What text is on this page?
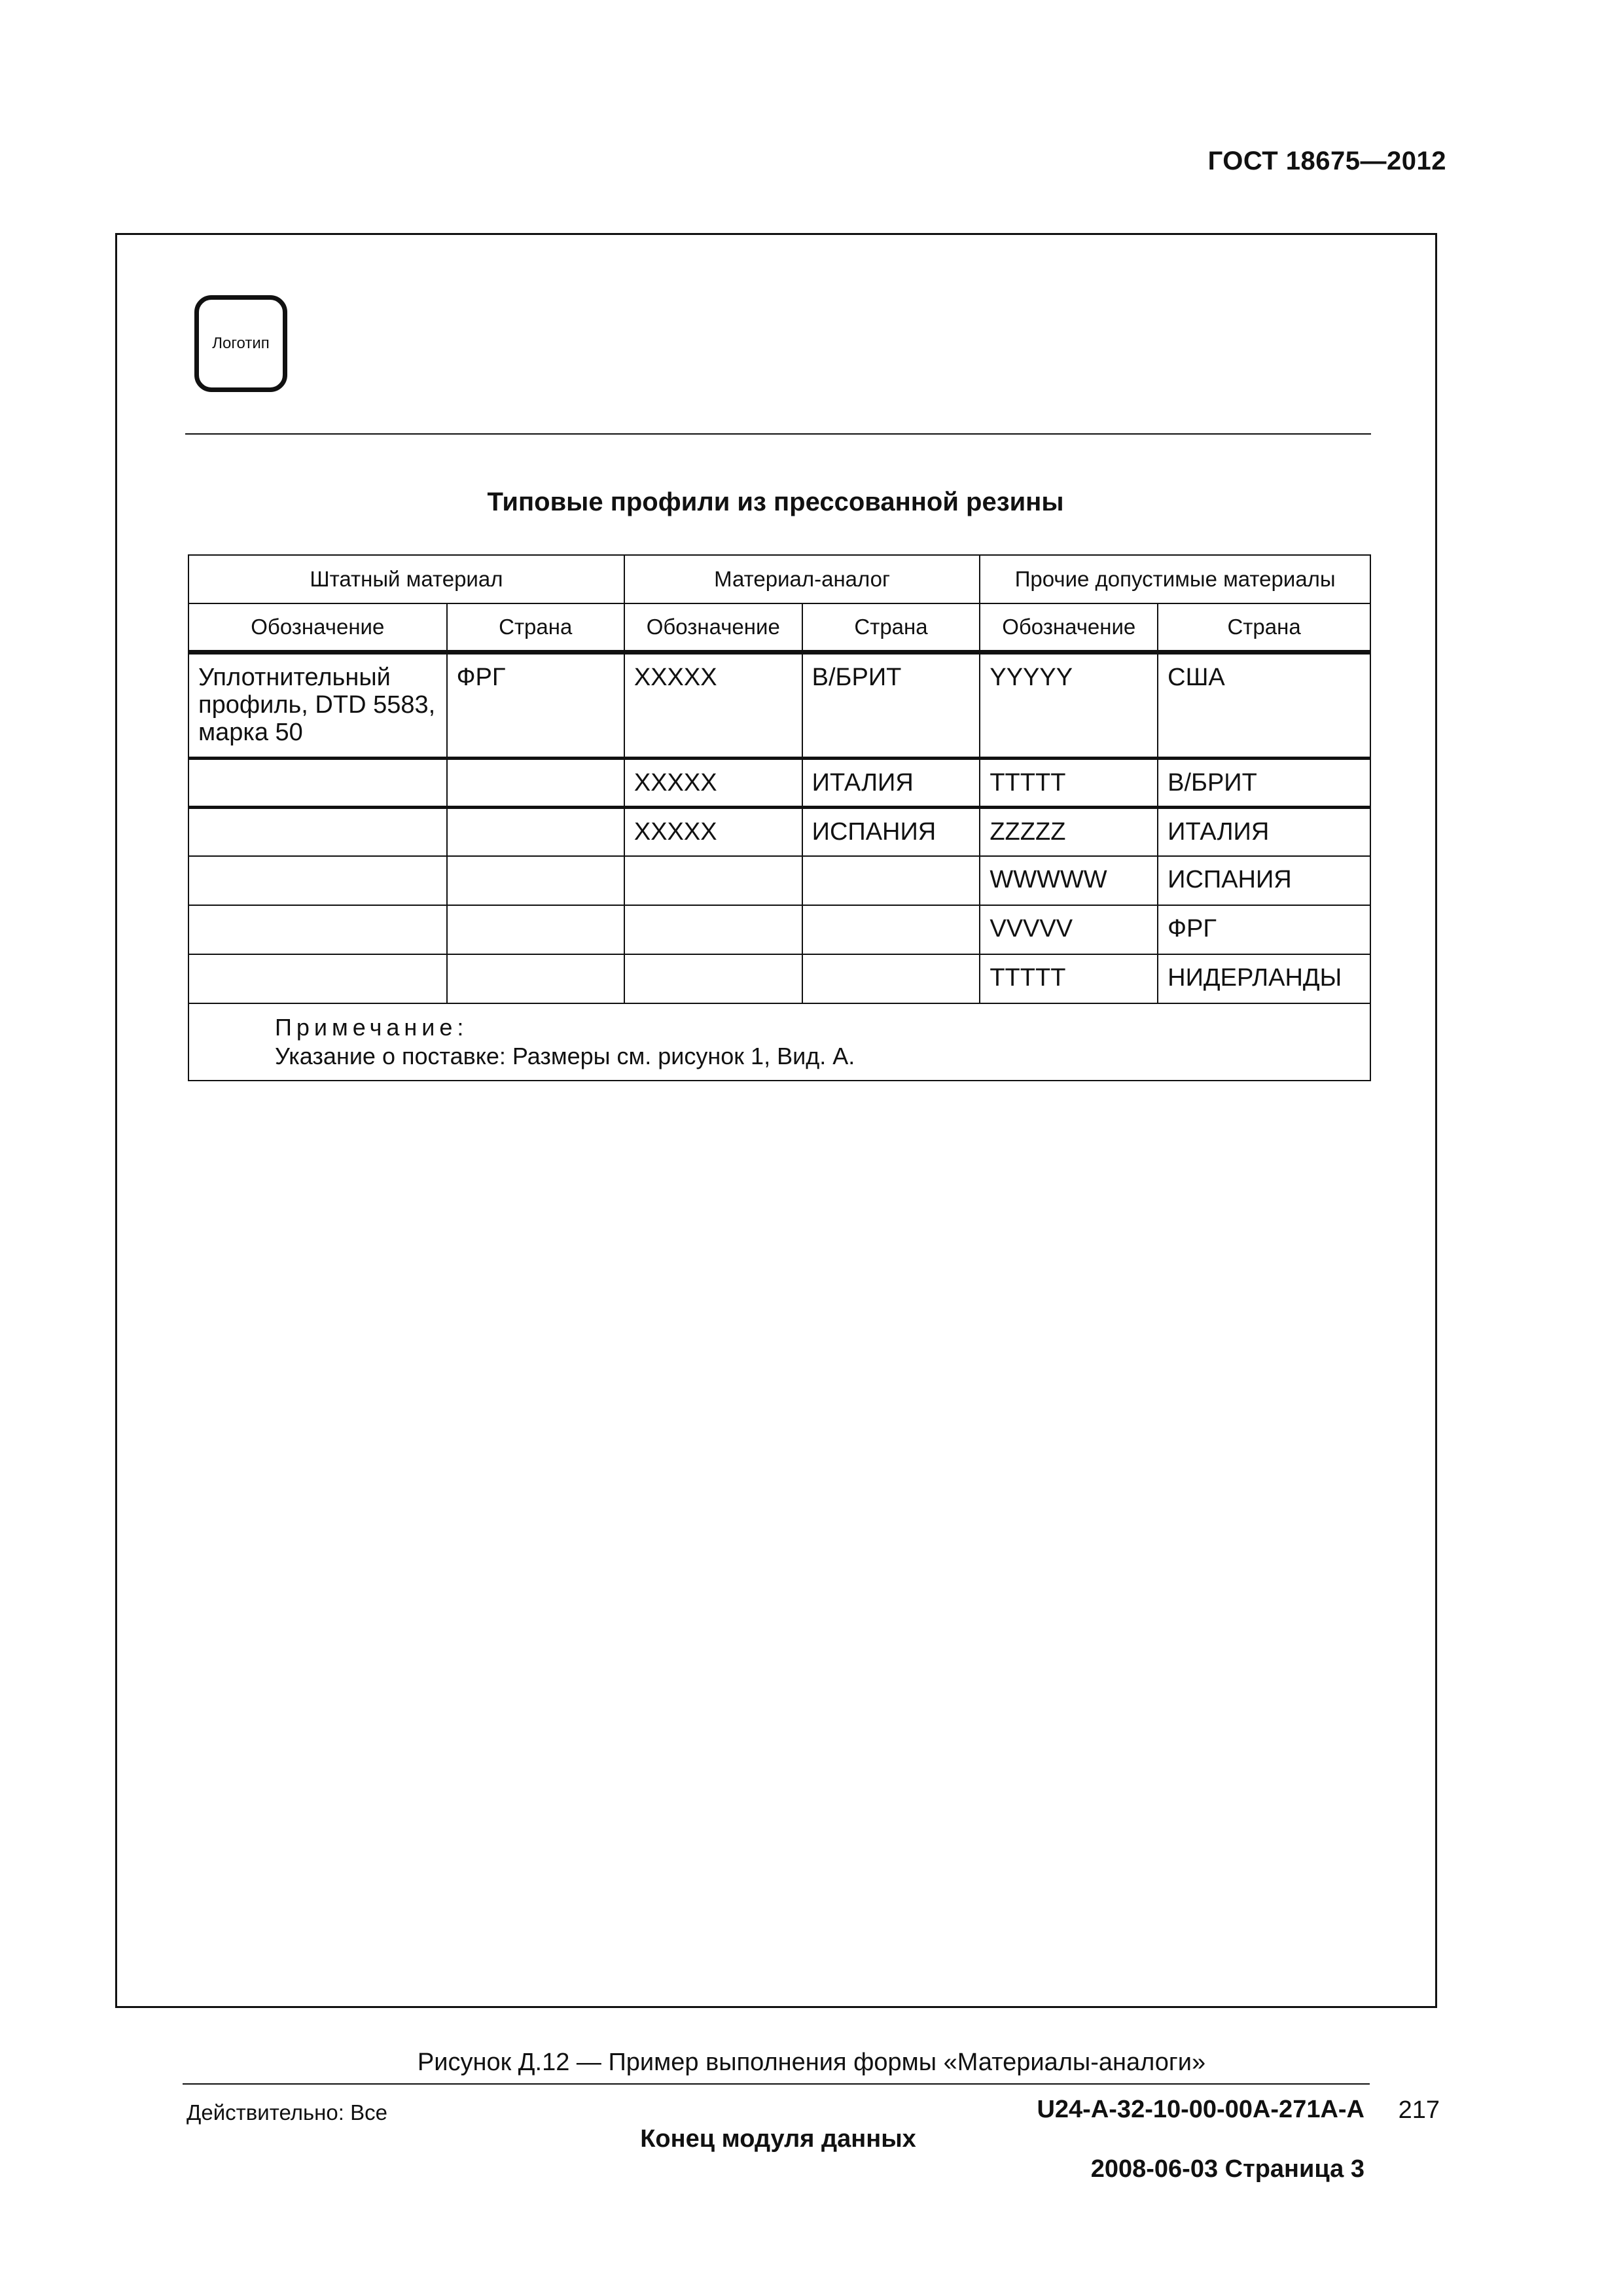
ГОСТ 18675—2012
Логотип
Типовые профили из прессованной резины
Штатный материал		Материал-аналог		Прочие допустимые материалы	
Обозначение	Страна	Обозначение	Страна	Обозначение	Страна
Уплотнительный профиль, DTD 5583, марка 50	ФРГ	XXXXX	В/БРИТ	YYYYY	США
		XXXXX	ИТАЛИЯ	TTTTT	В/БРИТ
		XXXXX	ИСПАНИЯ	ZZZZZ	ИТАЛИЯ
				WWWWW	ИСПАНИЯ
				VVVVV	ФРГ
				TTTTT	НИДЕРЛАНДЫ

Примечание:
Указание о поставке: Размеры см. рисунок 1, Вид. А.					
Действительно: Все	U24-A-32-10-00-00A-271A-A
Конец модуля данных
2008-06-03 Страница 3
Рисунок Д.12 — Пример выполнения формы «Материалы-аналоги»
217
